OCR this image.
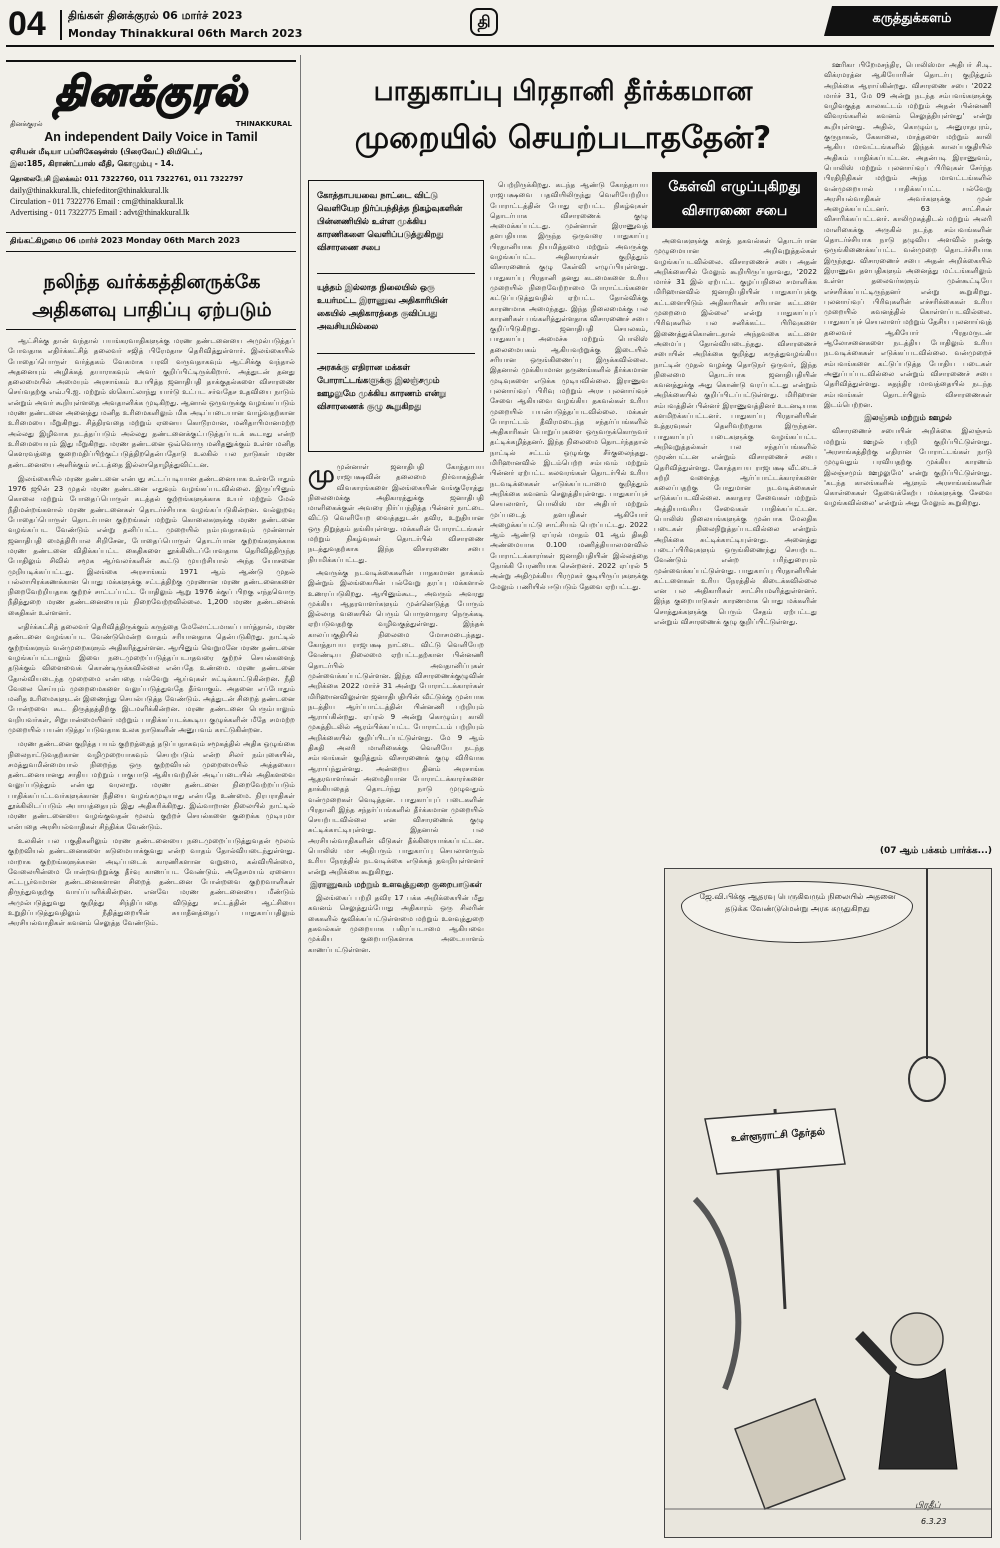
04 திங்கள் தினக்குரல் 06 மார்ச் 2023
Monday Thinakkural 06th March 2023
தி	கருத்துக்களம்
தினக்குரல்
தினக்குரல்	THINAKKURAL
An independent Daily Voice in Tamil
ஏசியன் மீடியா பப்ளிகேஷன்ஸ் (பிரைவேட்) லிமிடெட்,
இல:185, கிராண்ட்பாஸ் வீதி, கொழும்பு - 14.
தொலைபேசி இலக்கம்: 011 7322760, 011 7322761, 011 7322797
daily@thinakkural.lk, chiefeditor@thinakkural.lk
Circulation - 011 7322776 Email : cm@thinakkural.lk
Advertising - 011 7322775 Email : advt@thinakkural.lk
திங்கட்கிழமை 06 மார்ச் 2023 Monday 06th March 2023
நலிந்த வர்க்கத்தினருக்கே அதிகளவு பாதிப்பு ஏற்படும்

ஆட்சிக்கு தான் வந்தால் பயங்கரவாதிகளுக்கு மரண தண்டனையை அமுல்படுத்தப் போவதாக எதிர்க்கட்சித் தலைவர் சஜித் பிரேமதாச தெரிவித்துள்ளார். இலங்கையில் போதைப்பொருள் வர்த்தகம் வேகமாக பரவி வருவதாகவும் ஆட்சிக்கு வந்தால் அதனையும் அழிக்கத் தயாராகவும் அவர் குறிப்பிட்டிருக்கிறார். அத்துடன் தனது தலைமையில் அமையும் அரசாங்கம் உபயித்த ஜனாதிபதி தாக்குதல்களை விசாரணை செய்வதற்கு எவ்.பி.ஐ. மற்றும் ஸ்கொட்லாந்து யார்டு உட்பட சர்வதேச உதவியை நாடும் என்றும் அவர் கூறியுள்ளதை அவதானிக்க முடிகிறது. ஆனால் ஒருவருக்கு வழங்கப்படும் மரண தண்டனை அனைத்து மனித உரிமைகளிலும் மிக அடிப்படையான வாழ்வதற்கான உரிமையை மீறுகிறது. சித்திரவதை மற்றும் ஏனைய கொடூரமான, மனிதாபிமானமற்ற அல்லது இழிவாக நடத்தப்படும் அல்லது தண்டனைக்குட்படுத்தப்படக் கூடாது என்ற உரிமையையும் இது மீறுகிறது. மரண தண்டனை ஒவ்வொரு மனிதனுக்கும் உள்ள மனித கௌரவத்தை குறைமதிப்பிற்குட்படுத்திறதென்பதோடு உலகில் பல நாடுகள் மரண தண்டனையை அளிக்கும் சட்டத்தை இல்லாதொழித்துவிட்டன.

இலங்கையில் மரண தண்டனை என்பது சட்டப்படியான தண்டனையாக உள்ளபோதும் 1976 ஜூன் 23 முதல் மரண தண்டனை எதுவும் வழங்கப்படவில்லை. இருப்பினும் கொலை மற்றும் போதைப்பொருள் கடத்தல் குற்றங்களுக்காக உயர் மற்றும் மேல் நீதிமன்றங்களால் மரண தண்டனைகள் தொடர்ச்சியாக வழங்கப்படுகின்றன. வல்லுறவு போதைப்பொருள் தொடர்பான குற்றங்கள் மற்றும் கொலைகளுக்கு மரண தண்டனை வழங்கப்பட வேண்டும் என்று தனிப்பட்ட முறையில் நம்புவதாகவும் முன்னாள் ஜனாதிபதி மைத்திரிபால சிறிசேன, போதைப்பொருள் தொடர்பான குற்றங்களுக்காக மரண தண்டனை விதிக்கப்பட்ட கைதிகளை தூக்கிலிடப்போவதாக தெரிவித்திருந்த போதிலும் சிவில் சமூக ஆர்வலர்களின் கூட்டு முயற்சியால் அந்த யோசனை முறியடிக்கப்பட்டது. இலங்கை அரசாங்கம் 1971 ஆம் ஆண்டு முதல் பல்லாயிரக்கணக்கான பொது மக்களுக்கு சட்டத்திற்கு முரணான மரண தண்டனைகளை நிறைவேற்றியதாக குற்றச் சாட்டப்பட்ட போதிலும் ஆறு 1976 க்குப் பிறகு எந்தவொரு நீதித்துறை மரண தண்டனையையும் நிறைவேற்றவில்லை. 1,200 மரண தண்டனைக் கைதிகள் உள்ளனர்.

எதிர்க்கட்சித் தலைவர் தெரிவித்திருக்கும் கருத்தை மேலோட்டமாகப் பார்த்தால், மரண தண்டனை வழங்கப்பட வேண்டுமென்ற வாதம் சரியானதாக தென்படுகிறது. நாட்டில் குற்றங்களும் வன்முறைகளும் அதிகரித்துள்ளன. ஆயினும் வெறுமனே மரண தண்டனை வழங்கப்பட்டாலும் இவை நடைமுறைப்படுத்தப்படாதவரை குற்றச் செயல்களைத் தடுக்கும் விளைவைக் கொண்டிருக்கவில்லை என்பதே உண்மை. மரண தண்டனை தோல்வியடைந்த முறைமை என்பதை பல்வேறு ஆய்வுகள் சுட்டிக்காட்டுகின்றன. நீதி வேலை செய்யும் முறைமைகளை வலுப்படுத்துவதே தீர்வாகும். அதனை எப்போதும் மனித உரிமைகளுடன் இணைந்து செயல்படுத்த வேண்டும். அத்துடன் சிறைத் தண்டனை போன்றவை கூட திருத்தத்திற்கு இடமளிக்கின்றன. மரண தண்டனை பெரும்பாலும் வறியவர்கள், சிறுபான்மையினர் மற்றும் பாதிக்கப்படக்கூடிய குழுக்களின் மீதே சமமற்ற முறையில் பயன்படுத்தப்படுவதாக உலக நாடுகளின் அனுபவம் காட்டுகின்றன.

மரண தண்டனை குறித்த பயம் குற்றத்தைத் தடுப்பதாகவும் சமூகத்தில் அதிக ஒழுங்கை நிலைநாட்டுவதற்கான வழிமுறையாகவும் செயற்படும் என்ற சிலர் நம்புகையில், சமத்துவமின்மையால் நிறைந்த ஒரு குற்றவியல் முறைமையில் அத்தகைய தண்டனையானது சாதிய மற்றும் பாகுபாடு ஆகியவற்றின் அடிப்படையில் அதிகளவை வலுப்படுத்தும் என்பது வரலாறு. மரண தண்டனை நிறைவேற்றப்படும் பாதிக்கப்பட்டவர்களுக்கான நீதியை வழங்கமுடியாது என்பதே உண்மை. நிரபராதிகள் தூக்கிலிடப்படும் அபாயத்தையும் இது அதிகரிக்கிறது. இவ்வாறான நிலையில் நாட்டில் மரண தண்டனையை வழங்குவதன் மூலம் குற்றச் செயல்களை குறைக்க முடியுமா என்பதை அரசியல்வாதிகள் சிந்திக்க வேண்டும்.

உலகின் பல பகுதிகளிலும் மரண தண்டனையை நடைமுறைப்படுத்துவதன் மூலம் குற்றவியல் தண்டனைகளை கடுமையாக்குவது என்ற வாதம் தோல்வியடைந்துள்ளது. மாறாக குற்றங்களுக்கான அடிப்படைக் காரணிகளான வறுமை, கல்வியின்மை, வேலையின்மை போன்றவற்றுக்கு தீர்வு காணப்பட வேண்டும். அதேசமயம் ஏனைய சட்டபூர்வமான தண்டனைகளான சிறைத் தண்டனை போன்றவை குற்றவாளிகள் திருந்துவதற்கு வாய்ப்பளிக்கின்றன. எனவே மரண தண்டனையை மீண்டும் அமுல்படுத்துவது குறித்து சிந்திப்பதை விடுத்து சட்டத்தின் ஆட்சியை உறுதிப்படுத்துவதிலும் நீதித்துறையின் சுயாதீனத்தைப் பாதுகாப்பதிலும் அரசியல்வாதிகள் கவனம் செலுத்த வேண்டும்.

பாதுகாப்பு பிரதானி தீர்க்கமான
முறையில் செயற்படாததேன்?
கேள்வி எழுப்புகிறது
விசாரணை சபை
கோத்தாபயவை நாட்டை விட்டு வெளியேற நிர்ப்பந்தித்த நிகழ்வுகளின் பின்னணியில் உள்ள முக்கிய காரணிகளை வெளிப்படுத்துகிறது விசாரணை சபை
யுத்தம் இல்லாத நிலையில் ஒரு உயர்மட்ட இராணுவ அதிகாரியின் கையில் அதிகாரத்தை குவிப்பது அவசியமில்லை
அரசுக்கு எதிரான மக்கள் போராட்டங்களுக்கு இலஞ்சமும் ஊழலுமே முக்கிய காரணம் என்று விசாரணைக் குழு கூறுகிறது

முமுன்னாள் ஜனாதிபதி கோத்தாபய ராஜபக்ஷவின் தலைமை நிர்வாகத்தின் விவகாரங்களை இலங்கையின் வங்குரோத்து நிலைமைக்கு அதிகாரத்துக்கு ஜனாதிபதி மாளிகைக்குள் அவரை நிர்ப்பந்தித்த பின்னர் நாட்டை விட்டு வெளியேற வைத்ததுடன் தவிர, உறுதியான ஒரு நிறுத்தம் தங்கியுள்ளது. மக்களின் போராட்டங்கள் மற்றும் நிகழ்வுகள் தொடர்பில் விசாரணை நடத்துவதற்காக இந்த விசாரணை சபை நியமிக்கப்பட்டது.

அவருக்கு நடவடிக்கைகளின் பாதகமான தாக்கம் இன்றும் இலங்கையின் பல்வேறு தரப்பு மக்களால் உணரப்படுகிறது. ஆயினும்கூட, அவரும் அவரது முக்கிய ஆதரவாளர்களும் முன்னெடுத்த போரும் இல்லாத வகையில் பெரும் பொருளாதார நெருக்கடி ஏற்படுவதற்கு வழிவகுத்துள்ளது. இந்தக் காலப்பகுதியில் நிலைமை மோசமடைந்தது. கோத்தாபய ராஜபக்ஷ நாட்டை விட்டு வெளியேற வேண்டிய நிலைமை ஏற்பட்டதற்கான பின்னணி தொடர்பில் அவதானிப்புகள் முன்வைக்கப்பட்டுள்ளன. இந்த விசாரணைக்குழுவின் அறிக்கை 2022 மார்ச் 31 அன்று போராட்டக்காரர்கள் மிரிஹானவிலுள்ள ஜனாதிபதியின் வீட்டுக்கு முன்பாக நடத்திய ஆர்ப்பாட்டத்தின் பின்னணி பற்றியும் ஆராய்கின்றது. ஏப்ரல் 9 அன்று கொழும்பு காலி முகத்திடலில் ஆரம்பிக்கப்பட்ட போராட்டம் பற்றியும் அறிக்கையில் குறிப்பிடப்பட்டுள்ளது. மே 9 ஆம் திகதி அலரி மாளிகைக்கு வெளியே நடந்த சம்பவங்கள் குறித்தும் விசாரணைக் குழு விரிவாக ஆராய்ந்துள்ளது. அன்றைய தினம் அரசாங்க ஆதரவாளர்கள் அமைதியான போராட்டக்காரர்களை தாக்கியதைத் தொடர்ந்து நாடு முழுவதும் வன்முறைகள் வெடித்தன. பாதுகாப்புப் படைகளின் பிரதானி இந்த சந்தர்ப்பங்களில் தீர்க்கமான முறையில் செயற்படவில்லை என விசாரணைக் குழு சுட்டிக்காட்டியுள்ளது. இதனால் பல அரசியல்வாதிகளின் வீடுகள் தீக்கிரையாக்கப்பட்டன. பொலிஸ் மா அதிபரும் பாதுகாப்பு செயலாளரும் உரிய நேரத்தில் நடவடிக்கை எடுக்கத் தவறியுள்ளனர் என்று அறிக்கை கூறுகிறது.

இராணுவம் மற்றும் உளவுத்துறை குறைபாடுகள்

இலங்கைப் பற்றி தவிர 17 பக்க அறிக்கையின் மீது கவனம் செலுத்தும்போது அதிகாரம் ஒரு சிலரின் கைகளில் குவிக்கப்பட்டுள்ளமை மற்றும் உளவுத்துறை தகவல்கள் முறையாக பகிரப்படாமை ஆகியவை முக்கிய குறைபாடுகளாக அடையாளம் காணப்பட்டுள்ளன.

பெற்றிருக்கிறது. கடந்த ஆண்டு கோத்தாபய ராஜபக்ஷவை பதவியிலிருந்து வெளியேற்றிய போராட்டத்தின் போது ஏற்பட்ட நிகழ்வுகள் தொடர்பாக விசாரணைக் குழு அமைக்கப்பட்டது. முன்னாள் இராணுவத் தளபதியாக இருந்த ஒருவரை பாதுகாப்பு பிரதானியாக நியமித்தமை மற்றும் அவருக்கு வழங்கப்பட்ட அதிகாரங்கள் குறித்தும் விசாரணைக் குழு கேள்வி எழுப்பியுள்ளது. பாதுகாப்பு பிரதானி தனது கடமைகளை உரிய முறையில் நிறைவேற்றாமை போராட்டங்களை கட்டுப்படுத்துவதில் ஏற்பட்ட தோல்விக்கு காரணமாக அமைந்தது. இந்த நிலைமைக்கு பல காரணிகள் பங்களித்துள்ளதாக விசாரணைச் சபை குறிப்பிடுகிறது. ஜனாதிபதி செயலகம், பாதுகாப்பு அமைச்சு மற்றும் பொலிஸ் தலைமையகம் ஆகியவற்றுக்கு இடையில் சரியான ஒருங்கிணைப்பு இருக்கவில்லை. இதனால் முக்கியமான தருணங்களில் தீர்க்கமான முடிவுகளை எடுக்க முடியவில்லை. இராணுவ புலனாய்வுப் பிரிவு மற்றும் அரச புலனாய்வுச் சேவை ஆகியவை வழங்கிய தகவல்கள் உரிய முறையில் பயன்படுத்தப்படவில்லை. மக்கள் போராட்டம் தீவிரமடைந்த சந்தர்ப்பங்களில் அதிகாரிகள் பொறுப்புகளை ஒருவருக்கொருவர் தட்டிக்கழித்தனர். இந்த நிலைமை தொடர்ந்ததால் நாட்டில் சட்டம் ஒழுங்கு சீர்குலைந்தது. மிரிஹானவில் இடம்பெற்ற சம்பவம் மற்றும் பின்னர் ஏற்பட்ட கலவரங்கள் தொடர்பில் உரிய நடவடிக்கைகள் எடுக்கப்படாமை குறித்தும் அறிக்கை கவனம் செலுத்தியுள்ளது. பாதுகாப்புச் செயலாளர், பொலிஸ் மா அதிபர் மற்றும் முப்படைத் தளபதிகள் ஆகியோர் அழைக்கப்பட்டு சாட்சியம் பெறப்பட்டது. 2022 ஆம் ஆண்டு ஏப்ரல் மாதம் 01 ஆம் திகதி அண்மையாக 0.100 மணித்தியாலமளவில் போராட்டக்காரர்கள் ஜனாதிபதியின் இல்லத்தை நோக்கி பேரணியாக சென்றனர். 2022 ஏப்ரல் 5 அன்று அதிமுக்கிய பிரமுகர் குடியிருப்புகளுக்கு மேலும் பணியில் ஈடுபடும் தேவை ஏற்பட்டது.

அவைகளுக்கு களத் தகவல்கள் தொடர்பான முழுமையான அறிவுறுத்தல்கள் வழங்கப்படவில்லை. விசாரணைச் சபை அதன் அறிக்கையில் மேலும் கூறியிருப்பதாவது, '2022 மார்ச் 31 இல் ஏற்பட்ட குழப்பநிலை சமாளிக்க மிரிஹானவில் ஜனாதிபதியின் பாதுகாப்புக்கு கட்டளையிடும் அதிகாரிகள் சரியான கட்டளை முறைமை இல்லை' என்று பாதுகாப்புப் பிரிவுகளில் பல சனிக்கட்ட பிரிவுகளை இணைத்துக்கொண்டதால் அந்தவகை கட்டளை அமைப்பு தோல்வியடைந்தது. விசாரணைச் சபையின் அறிக்கை குறித்து கருத்துவழங்கிய நாட்டின் முதல் வழக்கு தொடுநர் ஒருவர், இந்த நிலைமை தொடர்பாக ஜனாதிபதியின் கவனத்துக்கு அது கொண்டு வரப்பட்டது என்றும் அறிக்கையில் குறிப்பிடப்பட்டுள்ளது. மிரிஹான சம்பவத்தின் பின்னர் இராணுவத்தினர் உடனடியாக களமிறக்கப்பட்டனர். பாதுகாப்பு பிரதானியின் உத்தரவுகள் தெளிவற்றதாக இருந்தன. பாதுகாப்புப் படைகளுக்கு வழங்கப்பட்ட அறிவுறுத்தல்கள் பல சந்தர்ப்பங்களில் முரண்பட்டன என்றும் விசாரணைச் சபை தெரிவித்துள்ளது. கோத்தாபய ராஜபக்ஷ வீட்டைச் சுற்றி வளைத்த ஆர்ப்பாட்டக்காரர்களை கலைப்பதற்கு போதுமான நடவடிக்கைகள் எடுக்கப்படவில்லை. சுகாதார சேவைகள் மற்றும் அத்தியாவசிய சேவைகள் பாதிக்கப்பட்டன. பொலிஸ் நிலையங்களுக்கு முன்பாக மேலதிக படைகள் நிலைநிறுத்தப்படவில்லை என்றும் அறிக்கை சுட்டிக்காட்டியுள்ளது. அனைத்து படைப்பிரிவுகளும் ஒருங்கிணைந்து செயற்பட வேண்டும் என்ற பரிந்துரையும் முன்வைக்கப்பட்டுள்ளது. பாதுகாப்பு பிரதானியின் கட்டளைகள் உரிய நேரத்தில் கிடைக்கவில்லை என பல அதிகாரிகள் சாட்சியமளித்துள்ளனர். இந்த குறைபாடுகள் காரணமாக பொது மக்களின் சொத்துக்களுக்கு பெரும் சேதம் ஏற்பட்டது என்றும் விசாரணைக் குழு குறிப்பிட்டுள்ளது.

ஊரிகா பிறேமசந்திர, பொலிஸ்மா அதிபர் சி.டி. விக்ரமரத்ன ஆகியோரின் தொடர்பு குறித்தும் அறிக்கை ஆராய்கின்றது. விசாரணை சபை '2022 மார்ச் 31, மே 09 அன்று நடந்த சம்பவங்களுக்கு வழிவகுத்த காலகட்டம் மற்றும் அதன் பின்னணி விவரங்களில் கவனம் செலுத்தியுள்ளது' என்று கூறியுள்ளது. அதில், கொழும்பு, அனுராதபுரம், குருநாகல், கேகாலை, மாத்தளை மற்றும் காலி ஆகிய மாவட்டங்களில் இந்தக் காலப்பகுதியில் அதிகம் பாதிக்கப்பட்டன. அதன்படி இராணுவம், பொலிஸ் மற்றும் புலனாய்வுப் பிரிவுகள் சேர்ந்த பிரதிநிதிகள் மற்றும் அந்த மாவட்டங்களில் வன்முறையால் பாதிக்கப்பட்ட பல்வேறு அரசியல்வாதிகள் அவர்களுக்கு முன் அழைக்கப்பட்டனர். 63 சாட்சிகள் விசாரிக்கப்பட்டனர். காலிமுகத்திடல் மற்றும் அலரி மாளிகைக்கு அருகில் நடந்த சம்பவங்களின் தொடர்ச்சியாக நாடு தழுவிய அளவில் நன்கு ஒருங்கிணைக்கப்பட்ட வன்முறை தொடர்ச்சியாக இருந்தது. விசாரணைச் சபை அதன் அறிக்கையில் இராணுவ தளபதிகளும் அனைத்து மட்டங்களிலும் உள்ள தலைவர்களும் முன்கூட்டியே எச்சரிக்கப்பட்டிருந்தனர் என்று கூறுகிறது. புலனாய்வுப் பிரிவுகளின் எச்சரிக்கைகள் உரிய முறையில் கவனத்தில் கொள்ளப்படவில்லை. பாதுகாப்புச் செயலாளர் மற்றும் தேசிய புலனாய்வுத் தலைவர் ஆகியோர் பிரதமருடன் ஆலோசனைகளை நடத்திய போதிலும் உரிய நடவடிக்கைகள் எடுக்கப்படவில்லை. வன்முறைச் சம்பவங்களை கட்டுப்படுத்த போதிய படைகள் அனுப்பப்படவில்லை என்றும் விசாரணைச் சபை தெரிவித்துள்ளது. சுதந்திர மாவத்தையில் நடந்த சம்பவங்கள் தொடர்பிலும் விசாரணைகள் இடம்பெற்றன.

இலஞ்சம் மற்றும் ஊழல்

விசாரணைச் சபையின் அறிக்கை இலஞ்சம் மற்றும் ஊழல் பற்றி குறிப்பிட்டுள்ளது. 'அரசாங்கத்திற்கு எதிரான போராட்டங்கள் நாடு முழுவதும் பரவியதற்கு முக்கிய காரணம் இலஞ்சமும் ஊழலுமே' என்று குறிப்பிட்டுள்ளது. 'கடந்த காலங்களில் ஆளும் அரசாங்கங்களின் கொள்கைகள் தேவைக்கேற்ப மக்களுக்கு சேவை வழங்கவில்லை' என்றும் அது மேலும் கூறுகிறது.

(07 ஆம் பக்கம் பார்க்க...)
ஜே.வி.பிக்கு ஆதரவு பெருகிவரும் நிலையில் அதனை தடுக்க வேண்டுமென்று அரசு கருதுகிறது
உள்ளூராட்சி தேர்தல்
பிரதீப்
6.3.23
